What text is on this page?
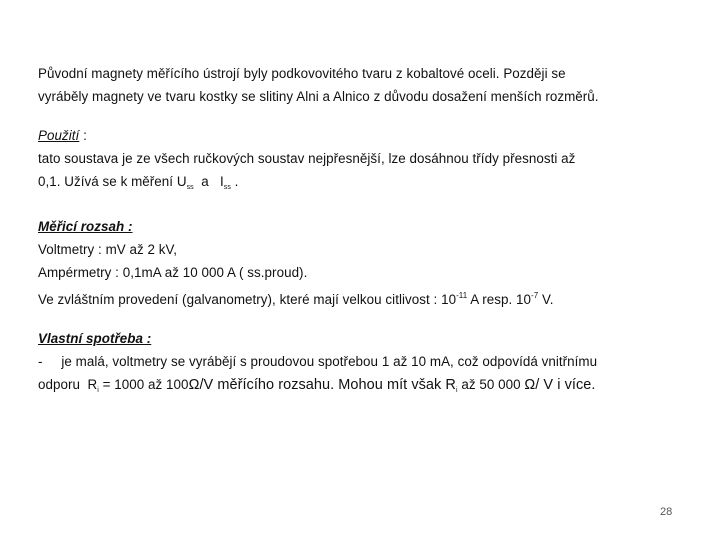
Původní magnety měřícího ústrojí byly podkovovitého tvaru z kobaltové oceli. Později se
vyráběly magnety ve tvaru kostky se slitiny Alni a Alnico z důvodu dosažení menších rozměrů.
Použití :
tato soustava je ze všech ručkových soustav nejpřesnější, lze dosáhnou třídy přesnosti až
0,1. Užívá se k měření $U_{ss}$  a   $I_{ss}$ .
Měřicí rozsah :
Voltmetry : mV až 2 kV,
Ampérmetry : 0,1mA až 10 000 A ( ss.proud).
Ve zvláštním provedení (galvanometry), které mají velkou citlivost : $10^{-11}$ A resp. $10^{-7}$ V.
Vlastní spotřeba :
-     je malá, voltmetry se vyrábějí s proudovou spotřebou 1 až 10 mA, což odpovídá vnitřnímu
odporu  $R_i = 1000$ až 100Ω/V měřícího rozsahu. Mohou mít však $R_i$ až 50 000 Ω/ V i více.
28
